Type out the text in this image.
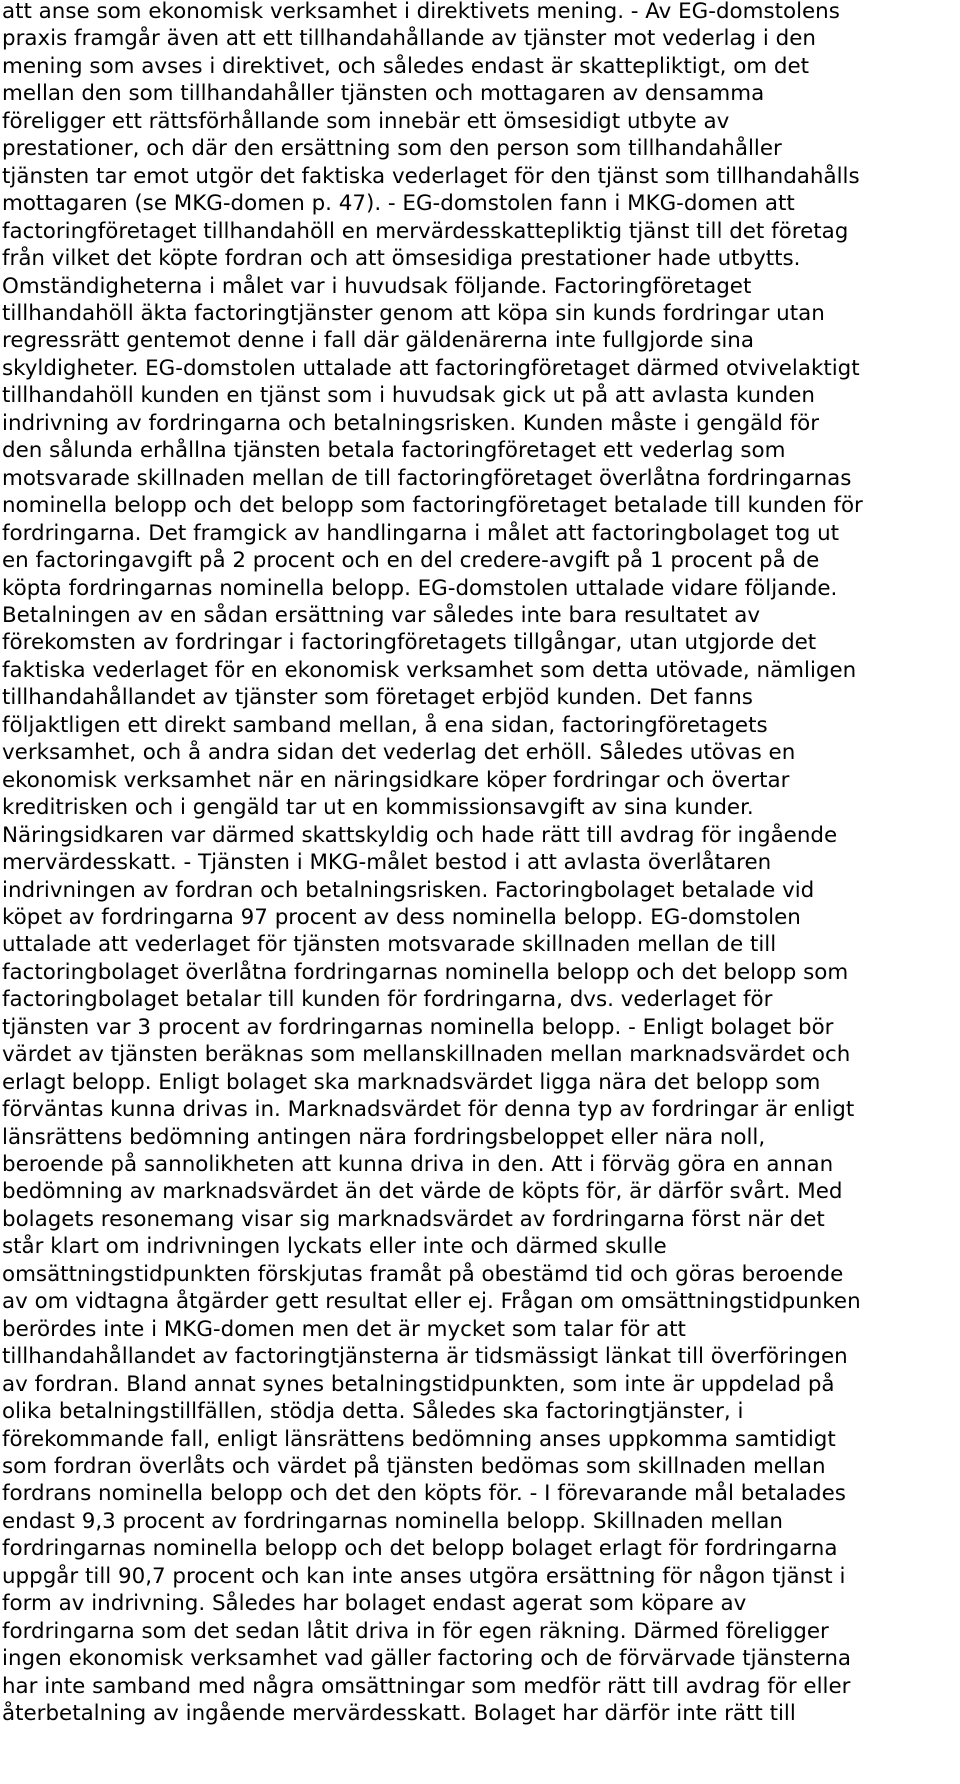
att anse som ekonomisk verksamhet i direktivets mening. - Av EG-domstolens
praxis framgår även att ett tillhandahållande av tjänster mot vederlag i den
mening som avses i direktivet, och således endast är skattepliktigt, om det
mellan den som tillhandahåller tjänsten och mottagaren av densamma
föreligger ett rättsförhållande som innebär ett ömsesidigt utbyte av
prestationer, och där den ersättning som den person som tillhandahåller
tjänsten tar emot utgör det faktiska vederlaget för den tjänst som tillhandahålls
mottagaren (se MKG-domen p. 47). - EG-domstolen fann i MKG-domen att
factoringföretaget tillhandahöll en mervärdesskattepliktig tjänst till det företag
från vilket det köpte fordran och att ömsesidiga prestationer hade utbytts.
Omständigheterna i målet var i huvudsak följande. Factoringföretaget
tillhandahöll äkta factoringtjänster genom att köpa sin kunds fordringar utan
regressrätt gentemot denne i fall där gäldenärerna inte fullgjorde sina
skyldigheter. EG-domstolen uttalade att factoringföretaget därmed otvivelaktigt
tillhandahöll kunden en tjänst som i huvudsak gick ut på att avlasta kunden
indrivning av fordringarna och betalningsrisken. Kunden måste i gengäld för
den sålunda erhållna tjänsten betala factoringföretaget ett vederlag som
motsvarade skillnaden mellan de till factoringföretaget överlåtna fordringarnas
nominella belopp och det belopp som factoringföretaget betalade till kunden för
fordringarna. Det framgick av handlingarna i målet att factoringbolaget tog ut
en factoringavgift på 2 procent och en del credere-avgift på 1 procent på de
köpta fordringarnas nominella belopp. EG-domstolen uttalade vidare följande.
Betalningen av en sådan ersättning var således inte bara resultatet av
förekomsten av fordringar i factoringföretagets tillgångar, utan utgjorde det
faktiska vederlaget för en ekonomisk verksamhet som detta utövade, nämligen
tillhandahållandet av tjänster som företaget erbjöd kunden. Det fanns
följaktligen ett direkt samband mellan, å ena sidan, factoringföretagets
verksamhet, och å andra sidan det vederlag det erhöll. Således utövas en
ekonomisk verksamhet när en näringsidkare köper fordringar och övertar
kreditrisken och i gengäld tar ut en kommissionsavgift av sina kunder.
Näringsidkaren var därmed skattskyldig och hade rätt till avdrag för ingående
mervärdesskatt. - Tjänsten i MKG-målet bestod i att avlasta överlåtaren
indrivningen av fordran och betalningsrisken. Factoringbolaget betalade vid
köpet av fordringarna 97 procent av dess nominella belopp. EG-domstolen
uttalade att vederlaget för tjänsten motsvarade skillnaden mellan de till
factoringbolaget överlåtna fordringarnas nominella belopp och det belopp som
factoringbolaget betalar till kunden för fordringarna, dvs. vederlaget för
tjänsten var 3 procent av fordringarnas nominella belopp. - Enligt bolaget bör
värdet av tjänsten beräknas som mellanskillnaden mellan marknadsvärdet och
erlagt belopp. Enligt bolaget ska marknadsvärdet ligga nära det belopp som
förväntas kunna drivas in. Marknadsvärdet för denna typ av fordringar är enligt
länsrättens bedömning antingen nära fordringsbeloppet eller nära noll,
beroende på sannolikheten att kunna driva in den. Att i förväg göra en annan
bedömning av marknadsvärdet än det värde de köpts för, är därför svårt. Med
bolagets resonemang visar sig marknadsvärdet av fordringarna först när det
står klart om indrivningen lyckats eller inte och därmed skulle
omsättningstidpunkten förskjutas framåt på obestämd tid och göras beroende
av om vidtagna åtgärder gett resultat eller ej. Frågan om omsättningstidpunken
berördes inte i MKG-domen men det är mycket som talar för att
tillhandahållandet av factoringtjänsterna är tidsmässigt länkat till överföringen
av fordran. Bland annat synes betalningstidpunkten, som inte är uppdelad på
olika betalningstillfällen, stödja detta. Således ska factoringtjänster, i
förekommande fall, enligt länsrättens bedömning anses uppkomma samtidigt
som fordran överlåts och värdet på tjänsten bedömas som skillnaden mellan
fordrans nominella belopp och det den köpts för. - I förevarande mål betalades
endast 9,3 procent av fordringarnas nominella belopp. Skillnaden mellan
fordringarnas nominella belopp och det belopp bolaget erlagt för fordringarna
uppgår till 90,7 procent och kan inte anses utgöra ersättning för någon tjänst i
form av indrivning. Således har bolaget endast agerat som köpare av
fordringarna som det sedan låtit driva in för egen räkning. Därmed föreligger
ingen ekonomisk verksamhet vad gäller factoring och de förvärvade tjänsterna
har inte samband med några omsättningar som medför rätt till avdrag för eller
återbetalning av ingående mervärdesskatt. Bolaget har därför inte rätt till
